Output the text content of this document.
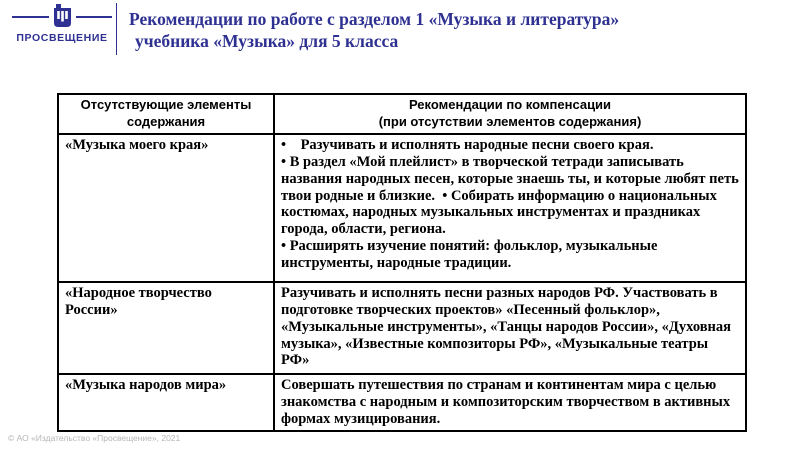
ПРОСВЕЩЕНИЕ
Рекомендации по работе с разделом 1 «Музыка и литература»
учебника «Музыка» для 5 класса
Отсутствующие элементы содержания	Рекомендации по компенсации
(при отсутствии элементов содержания)

«Музыка моего края»	•    Разучивать и исполнять народные песни своего края.

• В раздел «Мой плейлист» в творческой тетради записывать названия народных песен, которые знаешь ты, и которые любят петь твои родные и близкие.  • Собирать информацию о национальных костюмах, народных музыкальных инструментах и праздниках города, области, региона.

• Расширять изучение понятий: фольклор, музыкальные инструменты, народные традиции.

«Народное творчество России»	Разучивать и исполнять песни разных народов РФ. Участвовать в подготовке творческих проектов» «Песенный фольклор», «Музыкальные инструменты», «Танцы народов России», «Духовная музыка», «Известные композиторы РФ», «Музыкальные театры РФ»

«Музыка народов мира»	Совершать путешествия по странам и континентам мира с целью знакомства с народным и композиторским творчеством в активных формах музицирования.

© АО «Издательство «Просвещение», 2021
